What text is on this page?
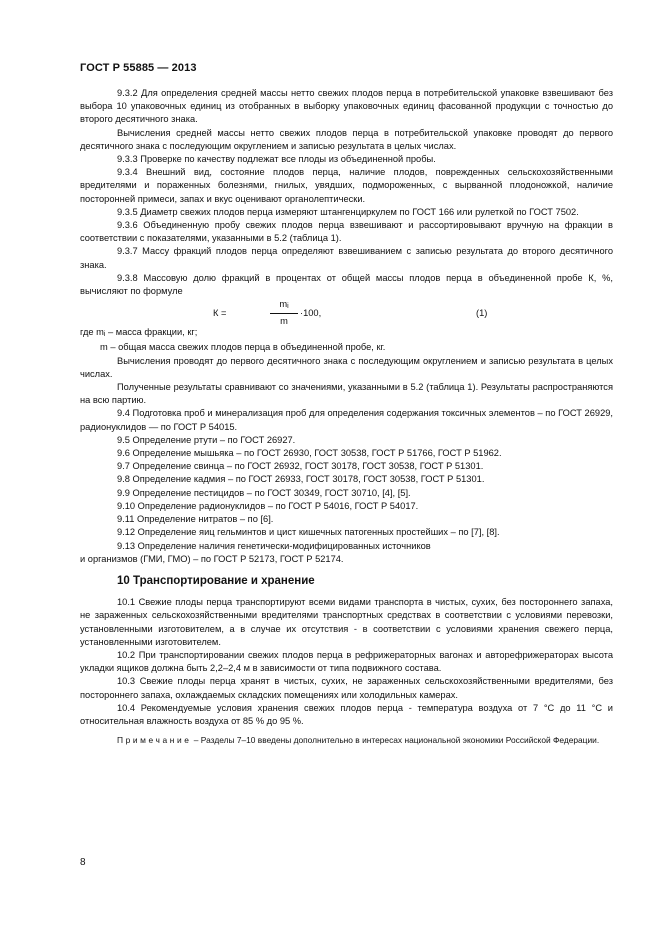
ГОСТ Р 55885 — 2013

9.3.2 Для определения средней массы нетто свежих плодов перца в потребительской упаковке взвешивают без выбора 10 упаковочных единиц из отобранных в выборку упаковочных единиц фасованной продукции с точностью до второго десятичного знака.

Вычисления средней массы нетто свежих плодов перца в потребительской упаковке проводят до первого десятичного знака с последующим округлением и записью результата в целых числах.

9.3.3 Проверке по качеству подлежат все плоды из объединенной пробы.

9.3.4 Внешний вид, состояние плодов перца, наличие плодов, поврежденных сельскохозяйственными вредителями и пораженных болезнями, гнилых, увядших, подмороженных, с вырванной плодоножкой, наличие посторонней примеси, запах и вкус оценивают органолептически.

9.3.5 Диаметр свежих плодов перца измеряют штангенциркулем по ГОСТ 166 или рулеткой по ГОСТ 7502.

9.3.6 Объединенную пробу свежих плодов перца взвешивают и рассортировывают вручную на фракции в соответствии с показателями, указанными в 5.2 (таблица 1).

9.3.7 Массу фракций плодов перца определяют взвешиванием с записью результата до второго десятичного знака.

9.3.8 Массовую долю фракций в процентах от общей массы плодов перца в объединенной пробе К, %, вычисляют по формуле

К =
$m_i$
m
·100,	(1)

где $m_i$ – масса фракции, кг;

m – общая масса свежих плодов перца в объединенной пробе, кг.

Вычисления проводят до первого десятичного знака с последующим округлением и записью результата в целых числах.

Полученные результаты сравнивают со значениями, указанными в 5.2 (таблица 1). Результаты распространяются на всю партию.

9.4 Подготовка проб и минерализация проб для определения содержания токсичных элементов – по ГОСТ 26929, радионуклидов — по ГОСТ Р 54015.

9.5 Определение ртути – по ГОСТ 26927.

9.6 Определение мышьяка – по ГОСТ 26930, ГОСТ 30538, ГОСТ Р 51766, ГОСТ Р 51962.

9.7 Определение свинца – по ГОСТ 26932, ГОСТ 30178, ГОСТ 30538, ГОСТ Р 51301.

9.8 Определение кадмия – по ГОСТ 26933, ГОСТ 30178, ГОСТ 30538, ГОСТ Р 51301.

9.9 Определение пестицидов – по ГОСТ 30349, ГОСТ 30710, [4], [5].

9.10 Определение радионуклидов – по ГОСТ Р 54016, ГОСТ Р 54017.

9.11 Определение нитратов – по [6].

9.12 Определение яиц гельминтов и цист кишечных патогенных простейших – по [7], [8].

9.13 Определение наличия генетически-модифицированных источников

и организмов (ГМИ, ГМО) – по ГОСТ Р 52173, ГОСТ Р 52174.

10 Транспортирование и хранение

10.1 Свежие плоды перца транспортируют всеми видами транспорта в чистых, сухих, без постороннего запаха, не зараженных сельскохозяйственными вредителями транспортных средствах в соответствии с условиями перевозки, установленными изготовителем, а в случае их отсутствия - в соответствии с условиями хранения свежего перца, установленными изготовителем.

10.2 При транспортировании свежих плодов перца в рефрижераторных вагонах и авторефрижераторах высота укладки ящиков должна быть 2,2–2,4 м в зависимости от типа подвижного состава.

10.3 Свежие плоды перца хранят в чистых, сухих, не зараженных сельскохозяйственными вредителями, без постороннего запаха, охлаждаемых складских помещениях или холодильных камерах.

10.4 Рекомендуемые условия хранения свежих плодов перца - температура воздуха от 7 °С до 11 °С и относительная влажность воздуха от 85 % до 95 %.

Примечание – Разделы 7–10 введены дополнительно в интересах национальной экономики Российской Федерации.

8
